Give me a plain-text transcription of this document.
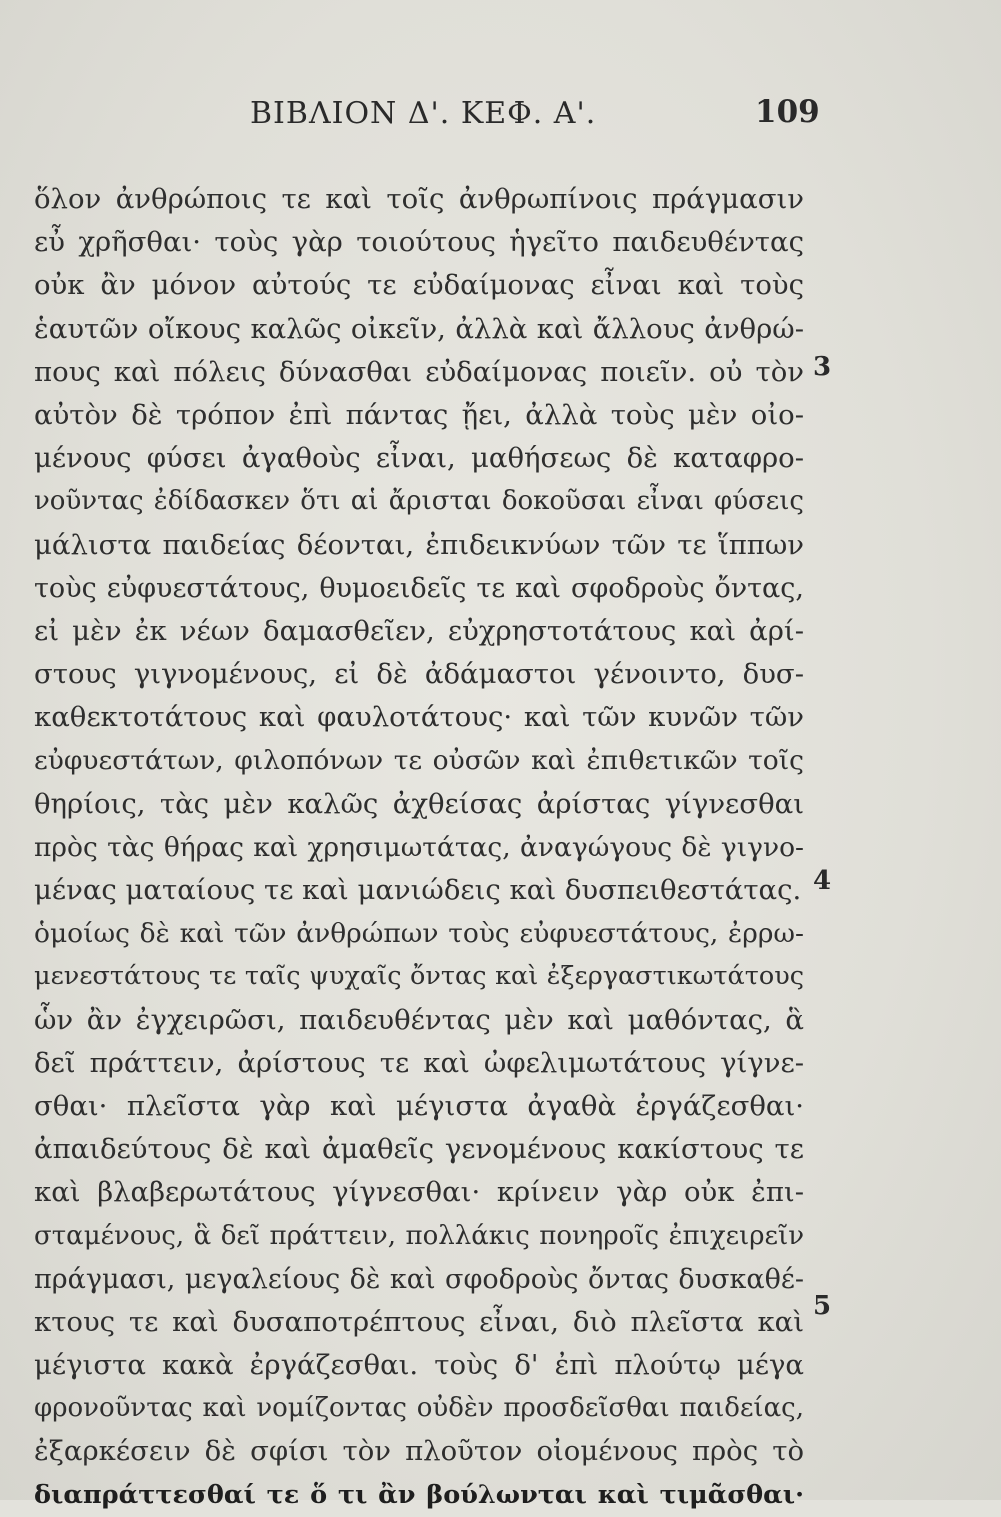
ΒΙΒΛΙΟΝ Δ'. ΚΕΦ. Α'.	109
ὅλον ἀνθρώποις τε καὶ τοῖς ἀνθρωπίνοις πράγμασιν
εὖ χρῆσθαι· τοὺς γὰρ τοιούτους ἡγεῖτο παιδευθέντας
οὐκ ἂν μόνον αὐτούς τε εὐδαίμονας εἶναι καὶ τοὺς
ἑαυτῶν οἴκους καλῶς οἰκεῖν, ἀλλὰ καὶ ἄλλους ἀνθρώ-
πους καὶ πόλεις δύνασθαι εὐδαίμονας ποιεῖν. οὐ τὸν
αὐτὸν δὲ τρόπον ἐπὶ πάντας ᾔει, ἀλλὰ τοὺς μὲν οἰο-
μένους φύσει ἀγαθοὺς εἶναι, μαθήσεως δὲ καταφρο-
νοῦντας ἐδίδασκεν ὅτι αἱ ἄρισται δοκοῦσαι εἶναι φύσεις
μάλιστα παιδείας δέονται, ἐπιδεικνύων τῶν τε ἵππων
τοὺς εὐφυεστάτους, θυμοειδεῖς τε καὶ σφοδροὺς ὄντας,
εἰ μὲν ἐκ νέων δαμασθεῖεν, εὐχρηστοτάτους καὶ ἀρί-
στους γιγνομένους, εἰ δὲ ἀδάμαστοι γένοιντο, δυσ-
καθεκτοτάτους καὶ φαυλοτάτους· καὶ τῶν κυνῶν τῶν
εὐφυεστάτων, φιλοπόνων τε οὐσῶν καὶ ἐπιθετικῶν τοῖς
θηρίοις, τὰς μὲν καλῶς ἀχθείσας ἀρίστας γίγνεσθαι
πρὸς τὰς θήρας καὶ χρησιμωτάτας, ἀναγώγους δὲ γιγνο-
μένας ματαίους τε καὶ μανιώδεις καὶ δυσπειθεστάτας.
ὁμοίως δὲ καὶ τῶν ἀνθρώπων τοὺς εὐφυεστάτους, ἐρρω-
μενεστάτους τε ταῖς ψυχαῖς ὄντας καὶ ἐξεργαστικωτάτους
ὧν ἂν ἐγχειρῶσι, παιδευθέντας μὲν καὶ μαθόντας, ἃ
δεῖ πράττειν, ἀρίστους τε καὶ ὠφελιμωτάτους γίγνε-
σθαι· πλεῖστα γὰρ καὶ μέγιστα ἀγαθὰ ἐργάζεσθαι·
ἀπαιδεύτους δὲ καὶ ἀμαθεῖς γενομένους κακίστους τε
καὶ βλαβερωτάτους γίγνεσθαι· κρίνειν γὰρ οὐκ ἐπι-
σταμένους, ἃ δεῖ πράττειν, πολλάκις πονηροῖς ἐπιχειρεῖν
πράγμασι, μεγαλείους δὲ καὶ σφοδροὺς ὄντας δυσκαθέ-
κτους τε καὶ δυσαποτρέπτους εἶναι, διὸ πλεῖστα καὶ
μέγιστα κακὰ ἐργάζεσθαι. τοὺς δ' ἐπὶ πλούτῳ μέγα
φρονοῦντας καὶ νομίζοντας οὐδὲν προσδεῖσθαι παιδείας,
ἐξαρκέσειν δὲ σφίσι τὸν πλοῦτον οἰομένους πρὸς τὸ
διαπράττεσθαί τε ὅ τι ἂν βούλωνται καὶ τιμᾶσθαι·
3
4
5
